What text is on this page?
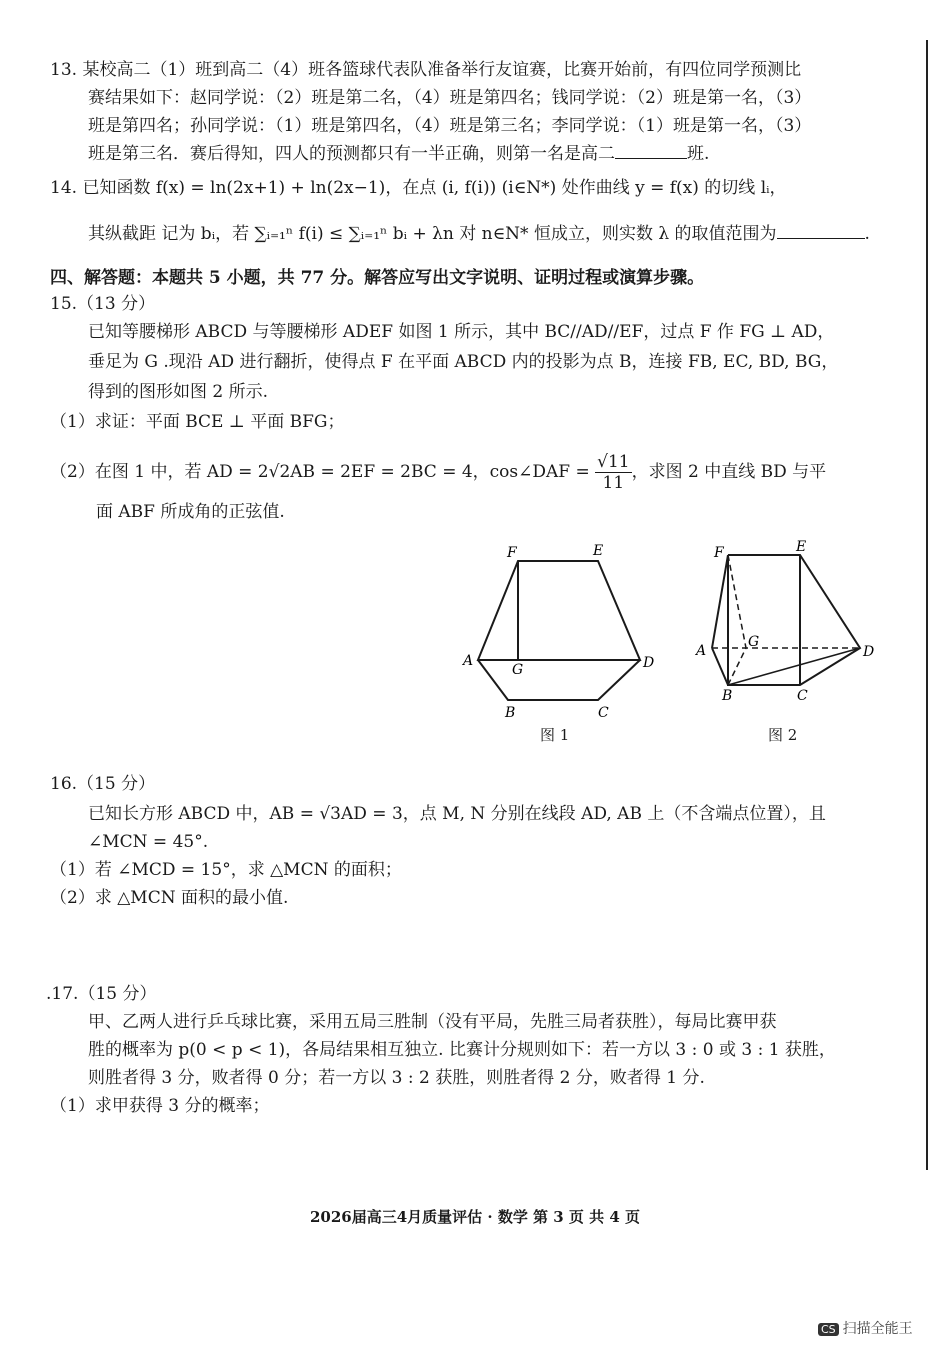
13. 某校高二（1）班到高二（4）班各篮球代表队准备举行友谊赛，比赛开始前，有四位同学预测比
赛结果如下：赵同学说：（2）班是第二名，（4）班是第四名；钱同学说：（2）班是第一名，（3）
班是第四名；孙同学说：（1）班是第四名，（4）班是第三名；李同学说：（1）班是第一名，（3）
班是第三名．赛后得知，四人的预测都只有一半正确，则第一名是高二	班.
14. 已知函数 f(x) = ln(2x+1) + ln(2x−1)，在点 (i, f(i)) (i∈N*) 处作曲线 y = f(x) 的切线 lᵢ，
其纵截距 记为 bᵢ，若 ∑ᵢ₌₁ⁿ f(i) ≤ ∑ᵢ₌₁ⁿ bᵢ + λn 对 n∈N* 恒成立，则实数 λ 的取值范围为	.
四、解答题：本题共 5 小题，共 77 分。解答应写出文字说明、证明过程或演算步骤。
15.（13 分）
已知等腰梯形 ABCD 与等腰梯形 ADEF 如图 1 所示，其中 BC//AD//EF，过点 F 作 FG ⊥ AD，
垂足为 G .现沿 AD 进行翻折，使得点 F 在平面 ABCD 内的投影为点 B，连接 FB, EC, BD, BG，
得到的图形如图 2 所示.
（1）求证：平面 BCE ⊥ 平面 BFG；
（2）在图 1 中，若 AD = 2√2AB = 2EF = 2BC = 4，cos∠DAF = $\frac{√11}{11}$ ，求图 2 中直线 BD 与平
面 ABF 所成角的正弦值.
F	E
A	D
G
B	C
图 1
F	E
A
G
D
B	C
图 2
16.（15 分）
已知长方形 ABCD 中，AB = √3AD = 3，点 M, N 分别在线段 AD, AB 上（不含端点位置），且
∠MCN = 45°.
（1）若 ∠MCD = 15°，求 △MCN 的面积；
（2）求 △MCN 面积的最小值.
.17.（15 分）
甲、乙两人进行乒乓球比赛，采用五局三胜制（没有平局，先胜三局者获胜），每局比赛甲获
胜的概率为 p(0 < p < 1)，各局结果相互独立. 比赛计分规则如下：若一方以 3 : 0 或 3 : 1 获胜，
则胜者得 3 分，败者得 0 分；若一方以 3 : 2 获胜，则胜者得 2 分，败者得 1 分.
（1）求甲获得 3 分的概率；
2026届高三4月质量评估 · 数学 第 3 页 共 4 页
CS 扫描全能王
